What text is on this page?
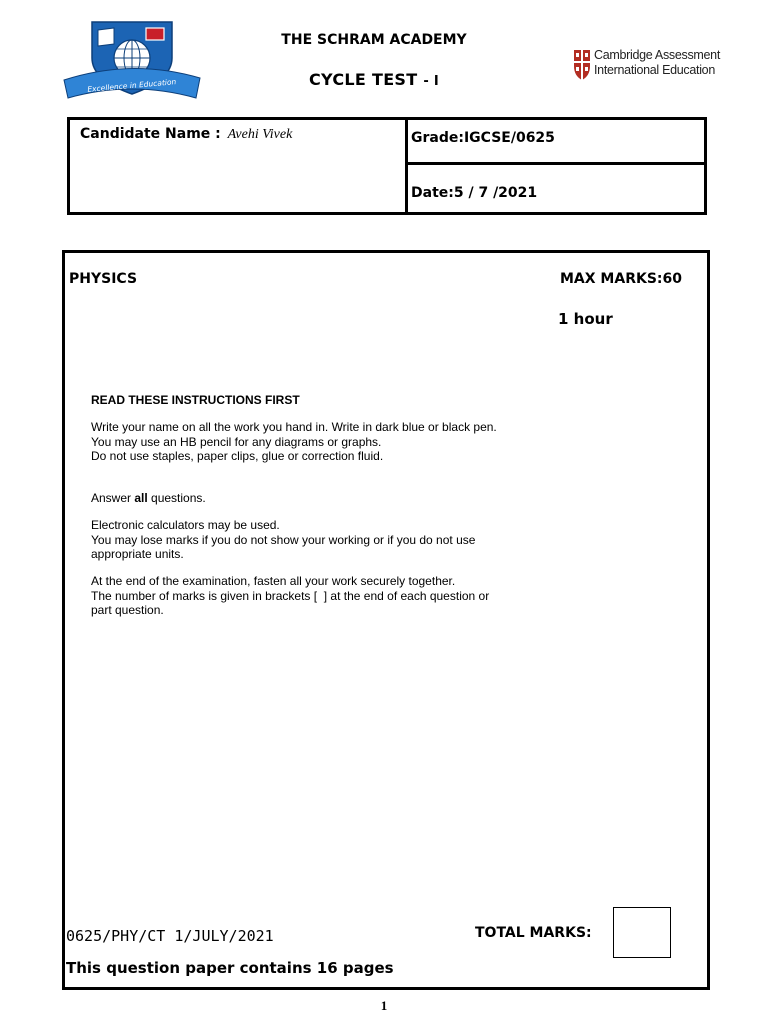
Excellence in Education
THE SCHRAM ACADEMY
CYCLE TEST - I
Cambridge Assessment
International Education
Candidate Name : Avehi Vivek	Grade:IGCSE/0625
Date:5 / 7 /2021
PHYSICS	MAX MARKS:60
1 hour
READ THESE INSTRUCTIONS FIRST

Write your name on all the work you hand in. Write in dark blue or black pen.

You may use an HB pencil for any diagrams or graphs.

Do not use staples, paper clips, glue or correction fluid.

Answer all questions.

Electronic calculators may be used.

You may lose marks if you do not show your working or if you do not use

appropriate units.

At the end of the examination, fasten all your work securely together.

The number of marks is given in brackets [  ] at the end of each question or

part question.

0625/PHY/CT 1/JULY/2021	TOTAL MARKS:
This question paper contains 16 pages
1
